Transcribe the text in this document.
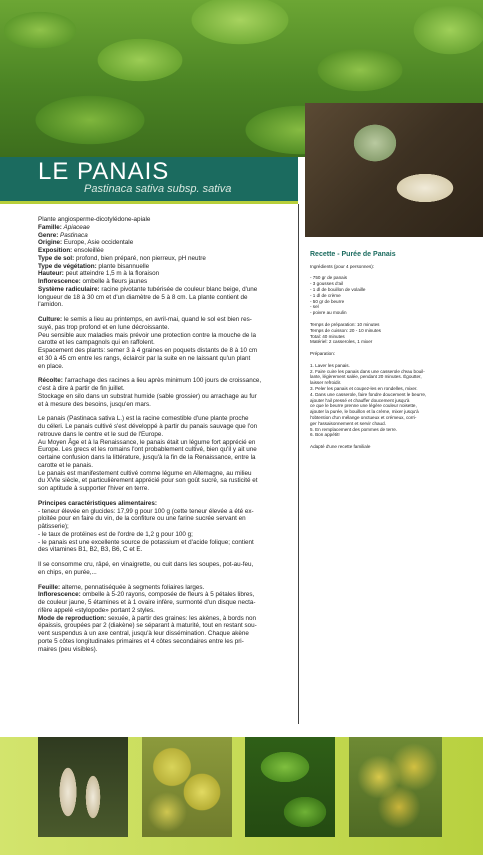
LE PANAIS

Pastinaca sativa subsp. sativa

Plante angiosperme-dicotylédone-apiale
Famille: Apiaceae
Genre: Pastinaca
Origine: Europe, Asie occidentale
Exposition: ensoleillée
Type de sol: profond, bien préparé, non pierreux, pH neutre
Type de végétation: plante bisannuelle
Hauteur: peut atteindre 1,5 m à la floraison
Inflorescence: ombelle à fleurs jaunes
Système radiculaire: racine pivotante tubérisée de couleur blanc beige, d'une
longueur de 18 à 30 cm et d'un diamètre de 5 à 8 cm. La plante contient de
l'amidon.

Culture: le semis a lieu au printemps, en avril-mai, quand le sol est bien res-
suyé, pas trop profond et en lune décroissante.
Peu sensible aux maladies mais prévoir une protection contre la mouche de la
carotte et les campagnols qui en raffolent.
Espacement des plants: semer 3 à 4 graines en poquets distants de 8 à 10 cm
et 30 à 45 cm entre les rangs, éclaircir par la suite en ne laissant qu'un plant
en place.

Récolte: l'arrachage des racines a lieu après minimum 100 jours de croissance,
c'est à dire à partir de fin juillet.
Stockage en silo dans un substrat humide (sable grossier) ou arrachage au fur
et à mesure des besoins, jusqu'en mars.

Le panais (Pastinaca sativa L.) est la racine comestible d'une plante proche
du céleri. Le panais cultivé s'est développé à partir du panais sauvage que l'on
retrouve dans le centre et le sud de l'Europe.
Au Moyen Âge et à la Renaissance, le panais était un légume fort apprécié en
Europe. Les grecs et les romains l'ont probablement cultivé, bien qu'il y ait une
certaine confusion dans la littérature, jusqu'à la fin de la Renaissance, entre la
carotte et le panais.
Le panais est manifestement cultivé comme légume en Allemagne, au milieu
du XVIe siècle, et particulièrement apprécié pour son goût sucré, sa rusticité et
son aptitude à supporter l'hiver en terre.

Principes caractéristiques alimentaires:
- teneur élevée en glucides: 17,99 g pour 100 g (cette teneur élevée a été ex-
ploitée pour en faire du vin, de la confiture ou une farine sucrée servant en
pâtisserie);
- le taux de protéines est de l'ordre de 1,2 g pour 100 g;
- le panais est une excellente source de potassium et d'acide folique; contient
des vitamines B1, B2, B3, B6, C et E.

Il se consomme cru, râpé, en vinaigrette, ou cuit dans les soupes, pot-au-feu,
en chips, en purée,...

Feuille: alterne, pennatiséquée à segments foliaires larges.
Inflorescence: ombelle à 5-20 rayons, composée de fleurs à 5 pétales libres,
de couleur jaune, 5 étamines et à 1 ovaire infère, surmonté d'un disque necta-
rifère appelé «stylopode» portant 2 styles.
Mode de reproduction: sexuée, à partir des graines: les akènes, à bords non
épaissis, groupées par 2 (diakène) se séparant à maturité, tout en restant sou-
vent suspendus à un axe central, jusqu'à leur dissémination. Chaque akène
porte 5 côtes longitudinales primaires et 4 côtes secondaires entre les pri-
maires (peu visibles).

Recette - Purée de Panais
Ingrédients (pour 4 personnes):

- 750 gr de panais
- 3 gousses d'ail
- 1 dl de bouillon de volaille
- 1 dl de crème
- 50 gr de beurre
- sel
- poivre au moulin
Temps de préparation: 10 minutes
Temps de cuisson: 20 - 10 minutes
Total: 40 minutes
Matériel: 2 casseroles, 1 mixer
Préparation:

1. Laver les panais.
2. Faire cuire les panais dans une casserole d'eau bouil-
lante, légèrement salée, pendant 20 minutes. Égoutter,
laisser refroidir.
3. Peler les panais et coupez-les en rondelles, mixer.
4. Dans une casserole, faire fondre doucement le beurre,
ajouter l'ail pressé et chauffer doucement jusqu'à
ce que le beurre prenne une légère couleur noisette,
ajouter la purée, le bouillon et la crème, mixer jusqu'à
l'obtention d'un mélange onctueux et crémeux, corri-
ger l'assaisonnement et servir chaud.
5. En remplacement des pommes de terre.
6. Bon appétit!
Adapté d'une recette familiale
